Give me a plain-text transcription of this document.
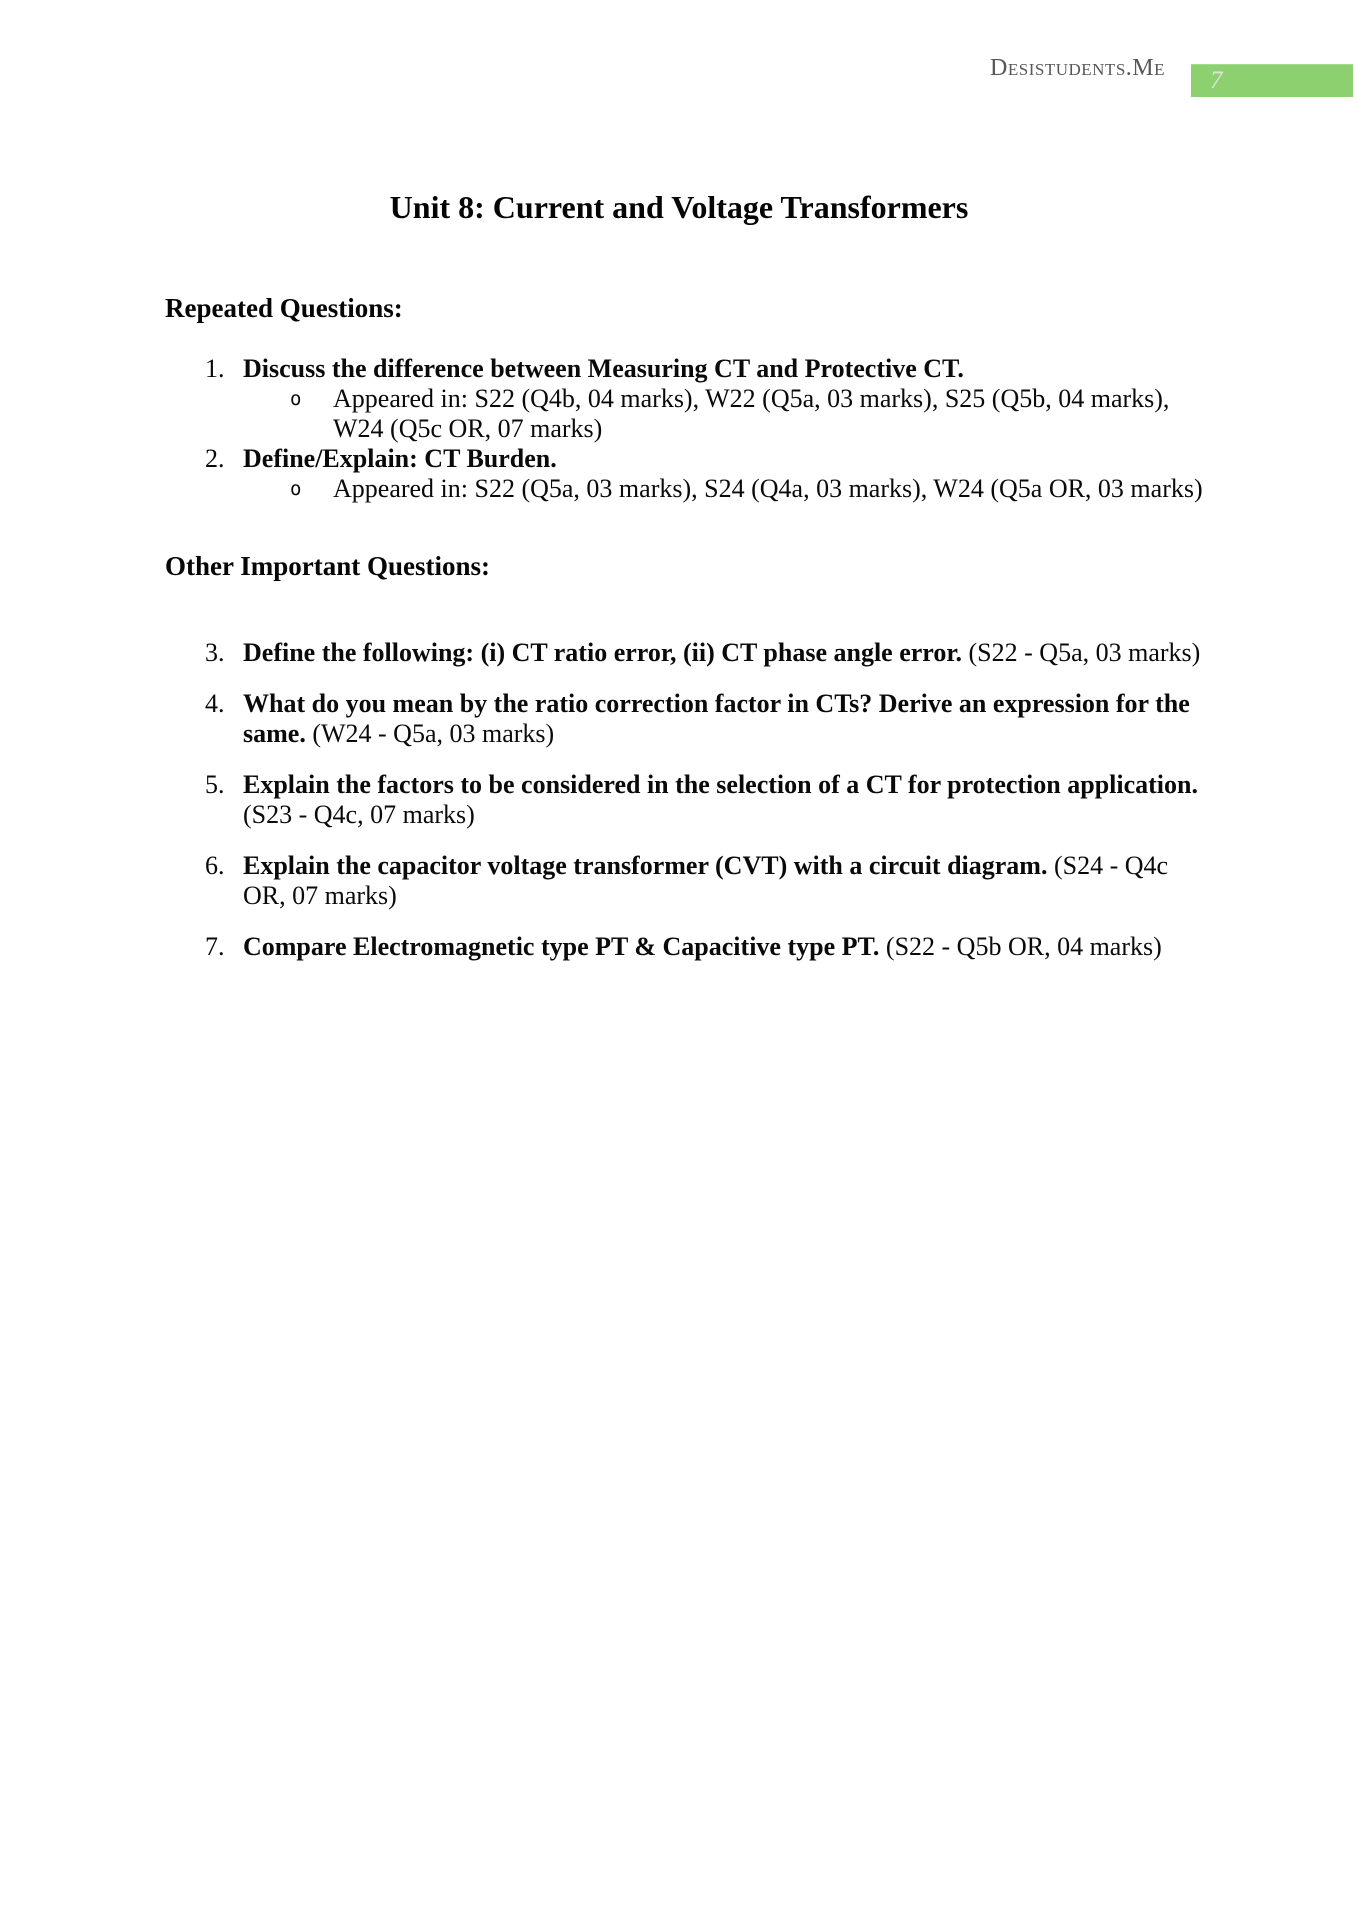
Desistudents.Me 7
Unit 8: Current and Voltage Transformers
Repeated Questions:
1. Discuss the difference between Measuring CT and Protective CT.
o	Appeared in: S22 (Q4b, 04 marks), W22 (Q5a, 03 marks), S25 (Q5b, 04 marks), W24 (Q5c OR, 07 marks)
2. Define/Explain: CT Burden.
o	Appeared in: S22 (Q5a, 03 marks), S24 (Q4a, 03 marks), W24 (Q5a OR, 03 marks)
Other Important Questions:
3. Define the following: (i) CT ratio error, (ii) CT phase angle error. (S22 - Q5a, 03 marks)
4. What do you mean by the ratio correction factor in CTs? Derive an expression for the same. (W24 - Q5a, 03 marks)
5. Explain the factors to be considered in the selection of a CT for protection application. (S23 - Q4c, 07 marks)
6. Explain the capacitor voltage transformer (CVT) with a circuit diagram. (S24 - Q4c OR, 07 marks)
7. Compare Electromagnetic type PT & Capacitive type PT. (S22 - Q5b OR, 04 marks)
